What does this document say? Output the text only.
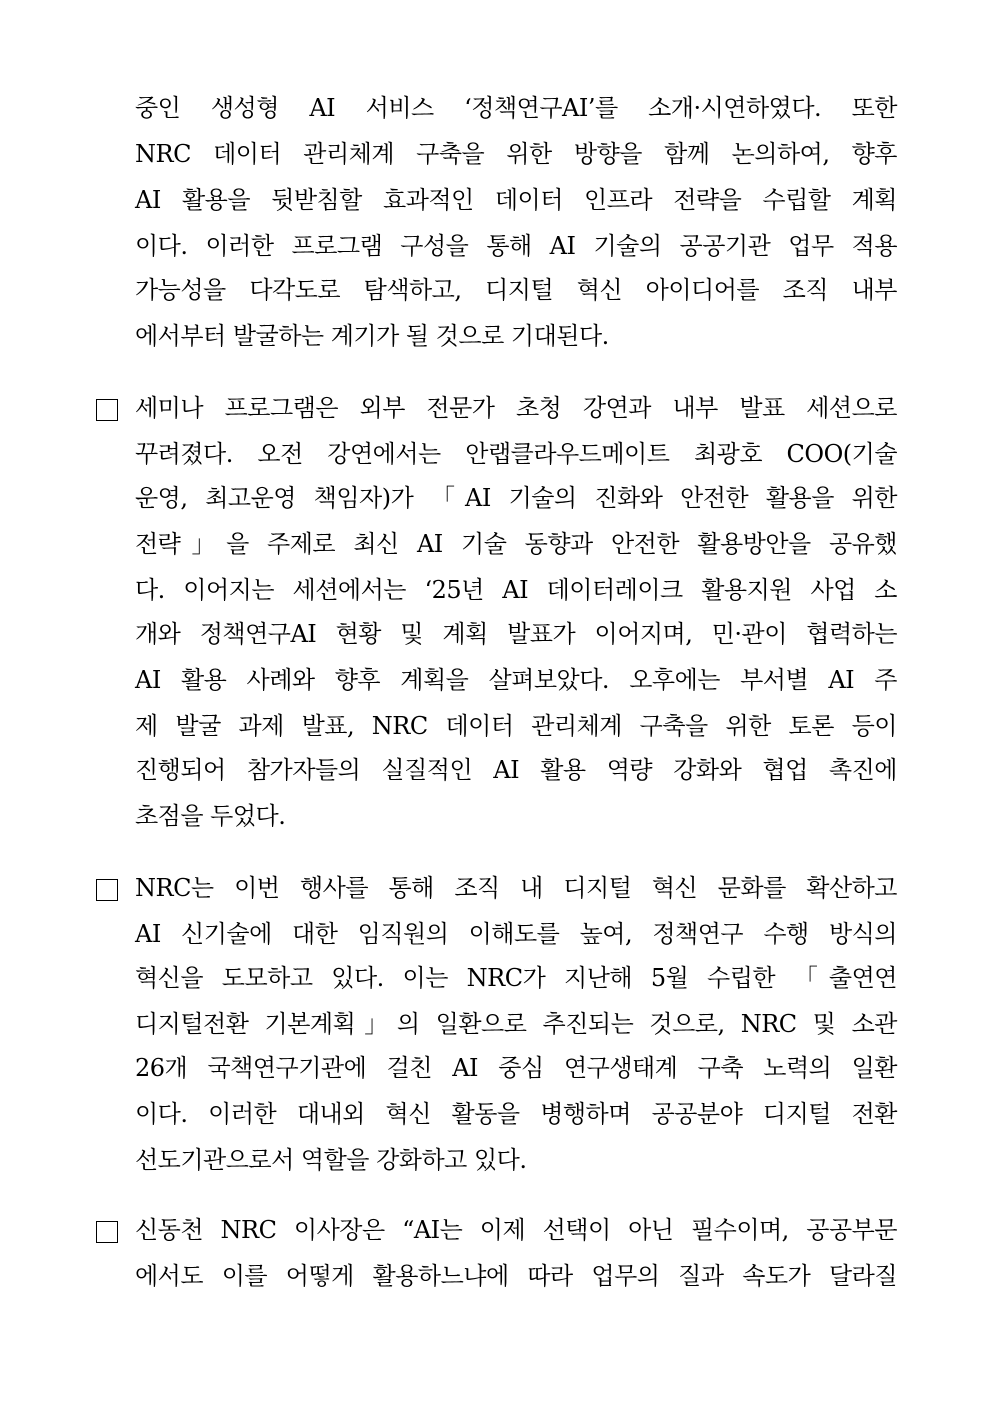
중인 생성형 AI 서비스 ‘정책연구AI’를 소개·시연하였다. 또한
NRC 데이터 관리체계 구축을 위한 방향을 함께 논의하여, 향후
AI 활용을 뒷받침할 효과적인 데이터 인프라 전략을 수립할 계획
이다. 이러한 프로그램 구성을 통해 AI 기술의 공공기관 업무 적용
가능성을 다각도로 탐색하고, 디지털 혁신 아이디어를 조직 내부
에서부터 발굴하는 계기가 될 것으로 기대된다.
세미나 프로그램은 외부 전문가 초청 강연과 내부 발표 세션으로
꾸려졌다. 오전 강연에서는 안랩클라우드메이트 최광호 COO(기술
운영, 최고운영 책임자)가 「AI 기술의 진화와 안전한 활용을 위한
전략」을 주제로 최신 AI 기술 동향과 안전한 활용방안을 공유했
다. 이어지는 세션에서는 ‘25년 AI 데이터레이크 활용지원 사업 소
개와 정책연구AI 현황 및 계획 발표가 이어지며, 민·관이 협력하는
AI 활용 사례와 향후 계획을 살펴보았다. 오후에는 부서별 AI 주
제 발굴 과제 발표, NRC 데이터 관리체계 구축을 위한 토론 등이
진행되어 참가자들의 실질적인 AI 활용 역량 강화와 협업 촉진에
초점을 두었다.
NRC는 이번 행사를 통해 조직 내 디지털 혁신 문화를 확산하고
AI 신기술에 대한 임직원의 이해도를 높여, 정책연구 수행 방식의
혁신을 도모하고 있다. 이는 NRC가 지난해 5월 수립한 「출연연
디지털전환 기본계획」의 일환으로 추진되는 것으로, NRC 및 소관
26개 국책연구기관에 걸친 AI 중심 연구생태계 구축 노력의 일환
이다. 이러한 대내외 혁신 활동을 병행하며 공공분야 디지털 전환
선도기관으로서 역할을 강화하고 있다.
신동천 NRC 이사장은 “AI는 이제 선택이 아닌 필수이며, 공공부문
에서도 이를 어떻게 활용하느냐에 따라 업무의 질과 속도가 달라질
